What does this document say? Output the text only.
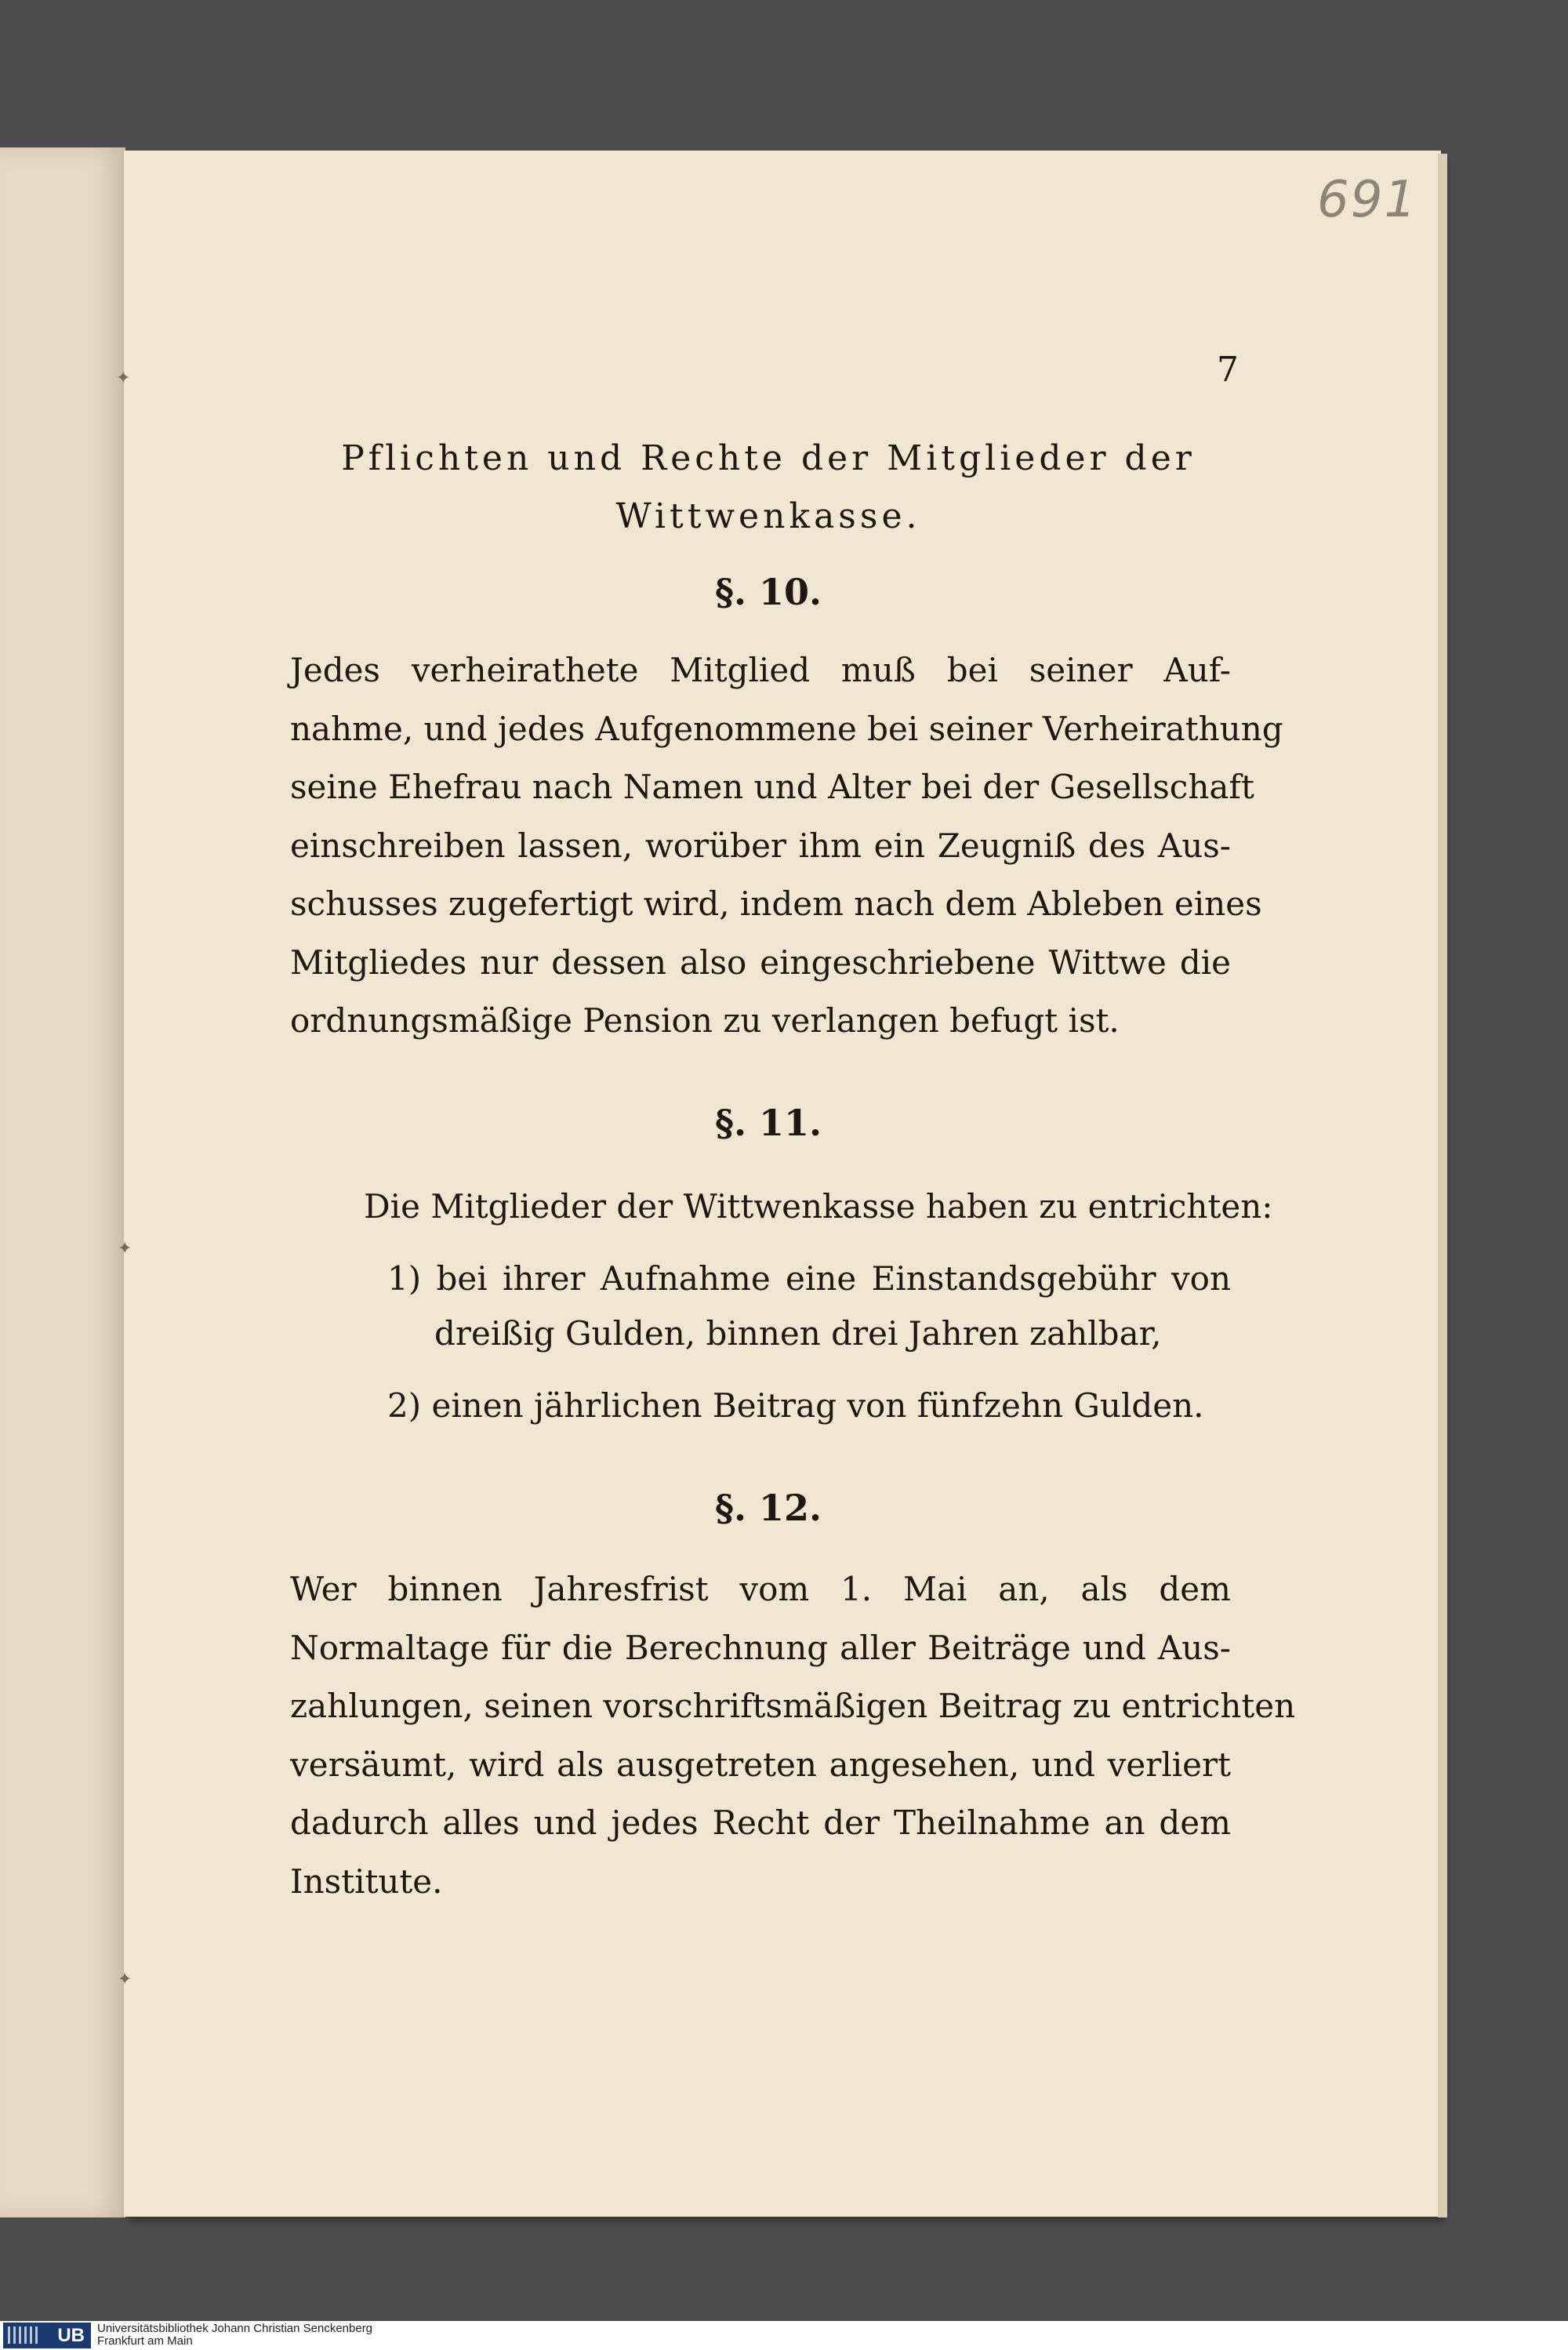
✦
✦
✦
691
7
Pflichten und Rechte der Mitglieder der
Wittwenkasse.
§. 10.
Jedes verheirathete Mitglied muß bei seiner Auf-
nahme, und jedes Aufgenommene bei seiner Verheirathung
seine Ehefrau nach Namen und Alter bei der Gesellschaft
einschreiben lassen, worüber ihm ein Zeugniß des Aus-
schusses zugefertigt wird, indem nach dem Ableben eines
Mitgliedes nur dessen also eingeschriebene Wittwe die
ordnungsmäßige Pension zu verlangen befugt ist.
§. 11.
Die Mitglieder der Wittwenkasse haben zu entrichten:
1) bei ihrer Aufnahme eine Einstandsgebühr von
dreißig Gulden, binnen drei Jahren zahlbar,
2) einen jährlichen Beitrag von fünfzehn Gulden.
§. 12.
Wer binnen Jahresfrist vom 1. Mai an, als dem
Normaltage für die Berechnung aller Beiträge und Aus-
zahlungen, seinen vorschriftsmäßigen Beitrag zu entrichten
versäumt, wird als ausgetreten angesehen, und verliert
dadurch alles und jedes Recht der Theilnahme an dem
Institute.
UB	Universitätsbibliothek Johann Christian Senckenberg
Frankfurt am Main
